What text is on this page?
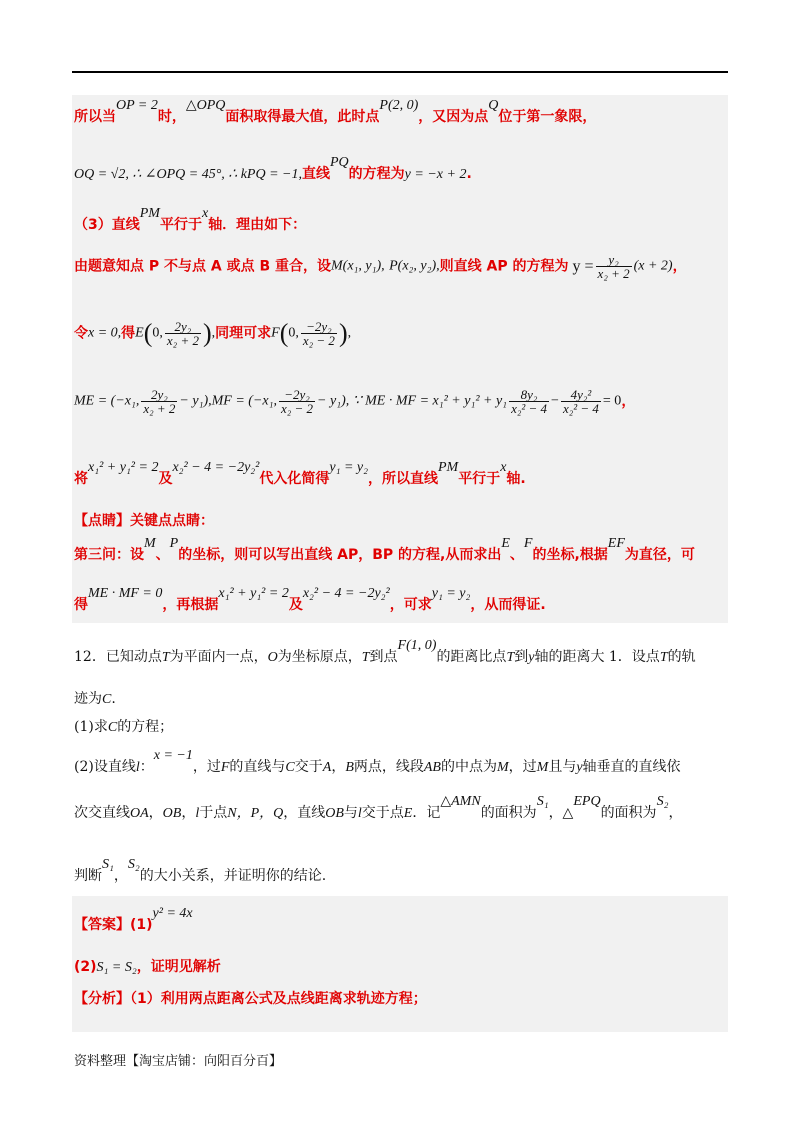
所以当OP = 2时，△OPQ面积取得最大值，此时点P(2, 0)，又因为点Q位于第一象限，
OQ = √2, ∴ ∠OPQ = 45°, ∴ kPQ = −1,直线PQ的方程为y = −x + 2.
（3）直线PM平行于x轴．理由如下：
由题意知点 P 不与点 A 或点 B 重合，设M(x₁, y₁), P(x₂, y₂),则直线 AP 的方程为 $y = \frac{\text{y₂}}{\text{x₂ + 2}} (x + 2)$，
令x = 0,得E(0, $\frac{\text{2y₂}}{\text{x₂ + 2}}$ ),同理可求F(0, $\frac{\text{−2y₂}}{\text{x₂ − 2}}$ ),
ME = (−x₁, $\frac{\text{2y₂}}{\text{x₂ + 2}} - y_1),MF = (-x_1$, $\frac{\text{−2y₂}}{\text{x₂ − 2}} - y_1$), ∵ ME · MF = $x_1^2 + y_1^2 + y_1 \frac{\text{8y₂}}{\text{x₂² − 4}} - \frac{\text{4y₂²}}{\text{x₂² − 4}} = 0$，
将x₁² + y₁² = 2及x₂² − 4 = −2y₂²代入化简得y₁ = y₂，所以直线PM平行于x轴.
【点睛】关键点点睛：
第三问：设M、P的坐标，则可以写出直线 AP，BP 的方程,从而求出E、F的坐标,根据EF为直径，可
得ME · MF = 0，再根据x₁² + y₁² = 2及x₂² − 4 = −2y₂²，可求y₁ = y₂，从而得证.
12．已知动点T为平面内一点，O为坐标原点，T到点F(1, 0)的距离比点T到y轴的距离大 1．设点T的轨
迹为C.
(1)求C的方程；
(2)设直线l：x = −1，过F的直线与C交于A，B两点，线段AB的中点为M，过M且与y轴垂直的直线依
次交直线OA，OB，l于点N，P，Q，直线OB与l交于点E．记△AMN的面积为S₁，△EPQ的面积为S₂，
判断S₁，S₂的大小关系，并证明你的结论.
【答案】(1)y² = 4x
(2)S₁ = S₂，证明见解析
【分析】（1）利用两点距离公式及点线距离求轨迹方程；
资料整理【淘宝店铺：向阳百分百】
